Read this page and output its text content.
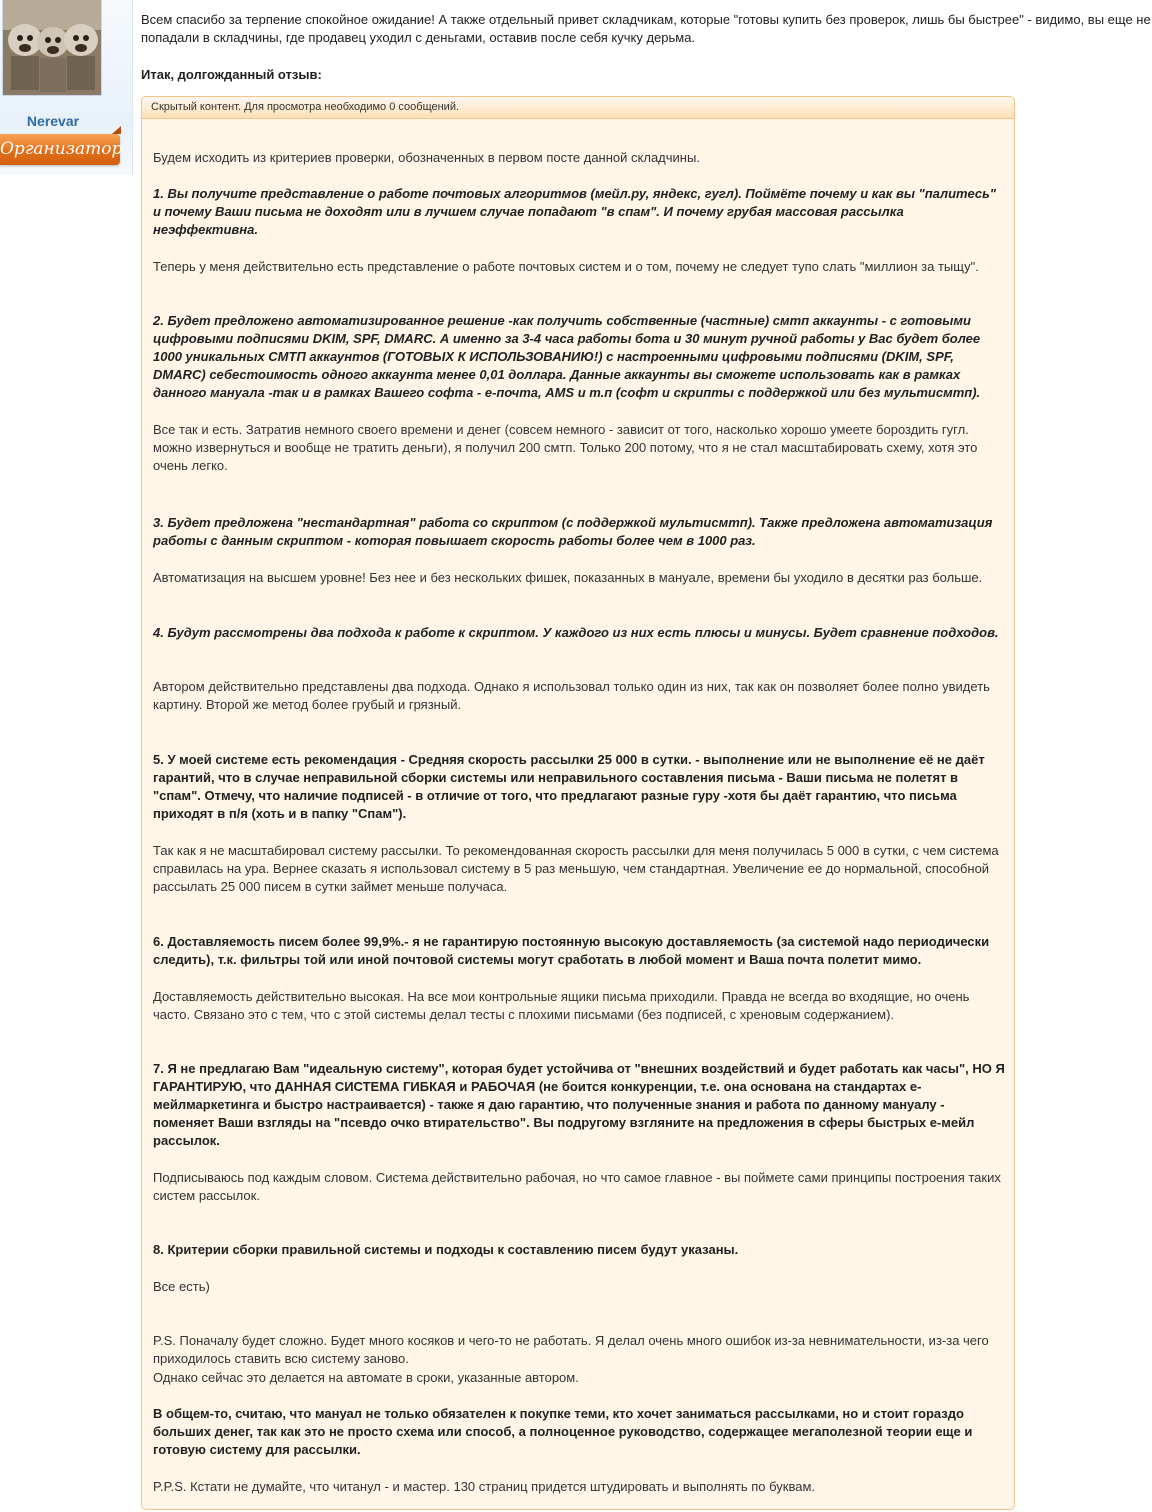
Nerevar
Организатор

Всем спасибо за терпение спокойное ожидание! А также отдельный привет складчикам, которые "готовы купить без проверок, лишь бы быстрее" - видимо, вы еще не попадали в складчины, где продавец уходил с деньгами, оставив после себя кучку дерьма.

Итак, долгожданный отзыв:

Скрытый контент. Для просмотра необходимо 0 сообщений.

Будем исходить из критериев проверки, обозначенных в первом посте данной складчины.

1. Вы получите представление о работе почтовых алгоритмов (мейл.ру, яндекс, гугл). Поймёте почему и как вы "палитесь" и почему Ваши письма не доходят или в лучшем случае попадают "в спам". И почему грубая массовая рассылка неэффективна.

Теперь у меня действительно есть представление о работе почтовых систем и о том, почему не следует тупо слать "миллион за тыщу".

2. Будет предложено автоматизированное решение -как получить собственные (частные) смтп аккаунты - с готовыми цифровыми подписями DKIM, SPF, DMARC. А именно за 3-4 часа работы бота и 30 минут ручной работы у Вас будет более 1000 уникальных СМТП аккаунтов (ГОТОВЫХ К ИСПОЛЬЗОВАНИЮ!) с настроенными цифровыми подписями (DKIM, SPF, DMARC) себестоимость одного аккаунта менее 0,01 доллара. Данные аккаунты вы сможете использовать как в рамках данного мануала -так и в рамках Вашего софта - е-почта, AMS и т.п (софт и скрипты с поддержкой или без мультисмтп).

Все так и есть. Затратив немного своего времени и денег (совсем немного - зависит от того, насколько хорошо умеете бороздить гугл. можно извернуться и вообще не тратить деньги), я получил 200 смтп. Только 200 потому, что я не стал масштабировать схему, хотя это очень легко.

3. Будет предложена "нестандартная" работа со скриптом (с поддержкой мультисмтп). Также предложена автоматизация работы с данным скриптом - которая повышает скорость работы более чем в 1000 раз.

Автоматизация на высшем уровне! Без нее и без нескольких фишек, показанных в мануале, времени бы уходило в десятки раз больше.

4. Будут рассмотрены два подхода к работе к скриптом. У каждого из них есть плюсы и минусы. Будет сравнение подходов.

Автором действительно представлены два подхода. Однако я использовал только один из них, так как он позволяет более полно увидеть картину. Второй же метод более грубый и грязный.

5. У моей системе есть рекомендация - Средняя скорость рассылки 25 000 в сутки. - выполнение или не выполнение её не даёт гарантий, что в случае неправильной сборки системы или неправильного составления письма - Ваши письма не полетят в "спам". Отмечу, что наличие подписей - в отличие от того, что предлагают разные гуру -хотя бы даёт гарантию, что письма приходят в п/я (хоть и в папку "Спам").

Так как я не масштабировал систему рассылки. То рекомендованная скорость рассылки для меня получилась 5 000 в сутки, с чем система справилась на ура. Вернее сказать я использовал систему в 5 раз меньшую, чем стандартная. Увеличение ее до нормальной, способной рассылать 25 000 писем в сутки займет меньше получаса.

6. Доставляемость писем более 99,9%.- я не гарантирую постоянную высокую доставляемость (за системой надо периодически следить), т.к. фильтры той или иной почтовой системы могут сработать в любой момент и Ваша почта полетит мимо.

Доставляемость действительно высокая. На все мои контрольные ящики письма приходили. Правда не всегда во входящие, но очень часто. Связано это с тем, что с этой системы делал тесты с плохими письмами (без подписей, с хреновым содержанием).

7. Я не предлагаю Вам "идеальную систему", которая будет устойчива от "внешних воздействий и будет работать как часы", НО Я ГАРАНТИРУЮ, что ДАННАЯ СИСТЕМА ГИБКАЯ и РАБОЧАЯ (не боится конкуренции, т.е. она основана на стандартах е-мейлмаркетинга и быстро настраивается) - также я даю гарантию, что полученные знания и работа по данному мануалу - поменяет Ваши взгляды на "псевдо очко втирательство". Вы подругому взгляните на предложения в сферы быстрых е-мейл рассылок.

Подписываюсь под каждым словом. Система действительно рабочая, но что самое главное - вы поймете сами принципы построения таких систем рассылок.

8. Критерии сборки правильной системы и подходы к составлению писем будут указаны.

Все есть)

P.S. Поначалу будет сложно. Будет много косяков и чего-то не работать. Я делал очень много ошибок из-за невнимательности, из-за чего приходилось ставить всю систему заново.

Однако сейчас это делается на автомате в сроки, указанные автором.

В общем-то, считаю, что мануал не только обязателен к покупке теми, кто хочет заниматься рассылками, но и стоит гораздо больших денег, так как это не просто схема или способ, а полноценное руководство, содержащее мегаполезной теории еще и готовую систему для рассылки.

P.P.S. Кстати не думайте, что читанул - и мастер. 130 страниц придется штудировать и выполнять по буквам.
